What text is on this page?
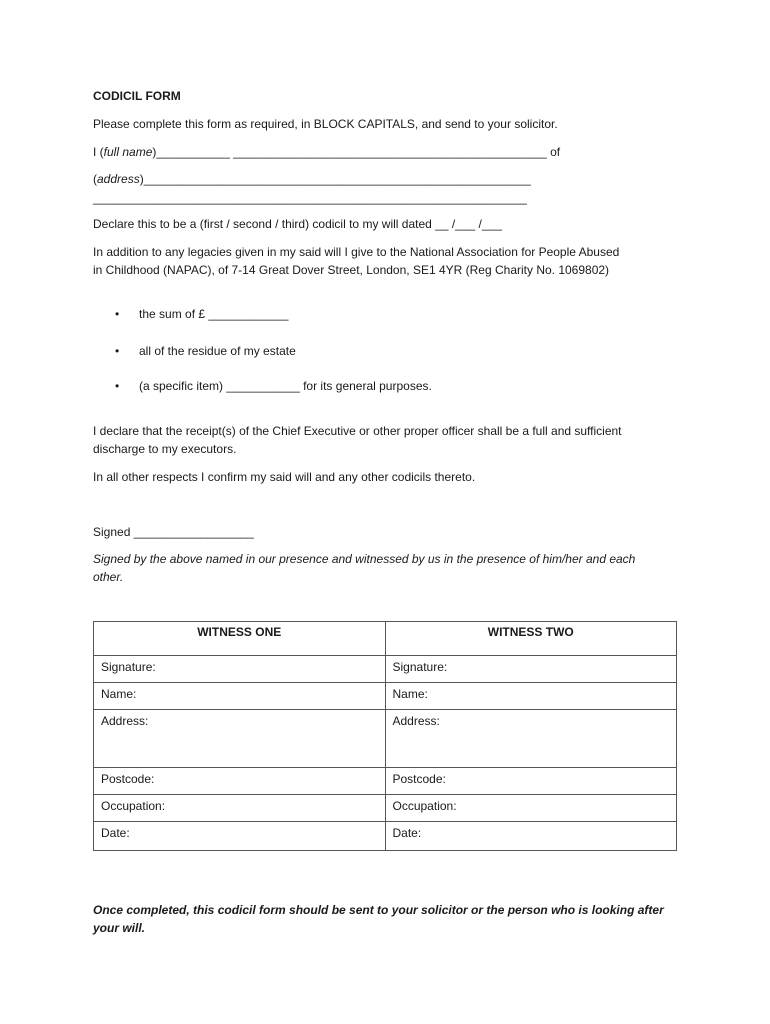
CODICIL FORM
Please complete this form as required, in BLOCK CAPITALS, and send to your solicitor.
I (full name)___________ _______________________________________________ of
(address)__________________________________________________________
_________________________________________________________________
Declare this to be a (first / second / third) codicil to my will dated __ /___ /___
In addition to any legacies given in my said will I give to the National Association for People Abused
in Childhood (NAPAC), of 7-14 Great Dover Street, London, SE1 4YR (Reg Charity No. 1069802)
• the sum of £ ____________
• all of the residue of my estate
• (a specific item) ___________ for its general purposes.
I declare that the receipt(s) of the Chief Executive or other proper officer shall be a full and sufficient
discharge to my executors.
In all other respects I confirm my said will and any other codicils thereto.
Signed __________________
Signed by the above named in our presence and witnessed by us in the presence of him/her and each
other.
WITNESS ONE	WITNESS TWO
Signature:	Signature:
Name:	Name:
Address:	Address:
Postcode:	Postcode:
Occupation:	Occupation:
Date:	Date:
Once completed, this codicil form should be sent to your solicitor or the person who is looking after
your will.
